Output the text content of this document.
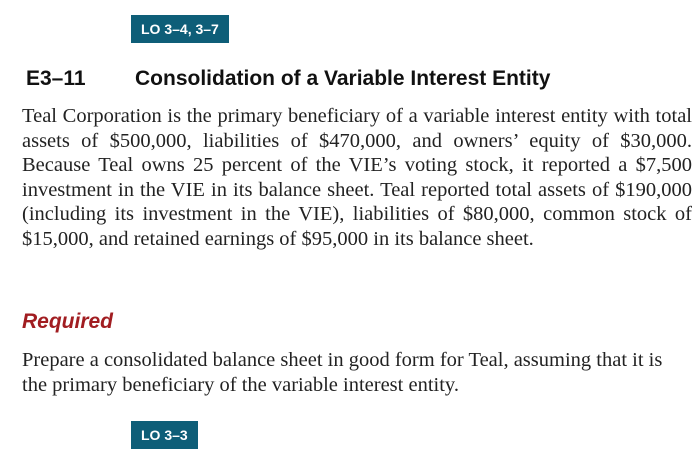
LO 3–4, 3–7
E3–11 Consolidation of a Variable Interest Entity

Teal Corporation is the primary beneficiary of a variable interest entity with total assets of $500,000, liabilities of $470,000, and owners’ equity of $30,000. Because Teal owns 25 percent of the VIE’s voting stock, it reported a $7,500 investment in the VIE in its balance sheet. Teal reported total assets of $190,000 (including its investment in the VIE), liabilities of $80,000, common stock of $15,000, and retained earnings of $95,000 in its balance sheet.

Required

Prepare a consolidated balance sheet in good form for Teal, assuming that it is the primary beneficiary of the variable interest entity.

LO 3–3
